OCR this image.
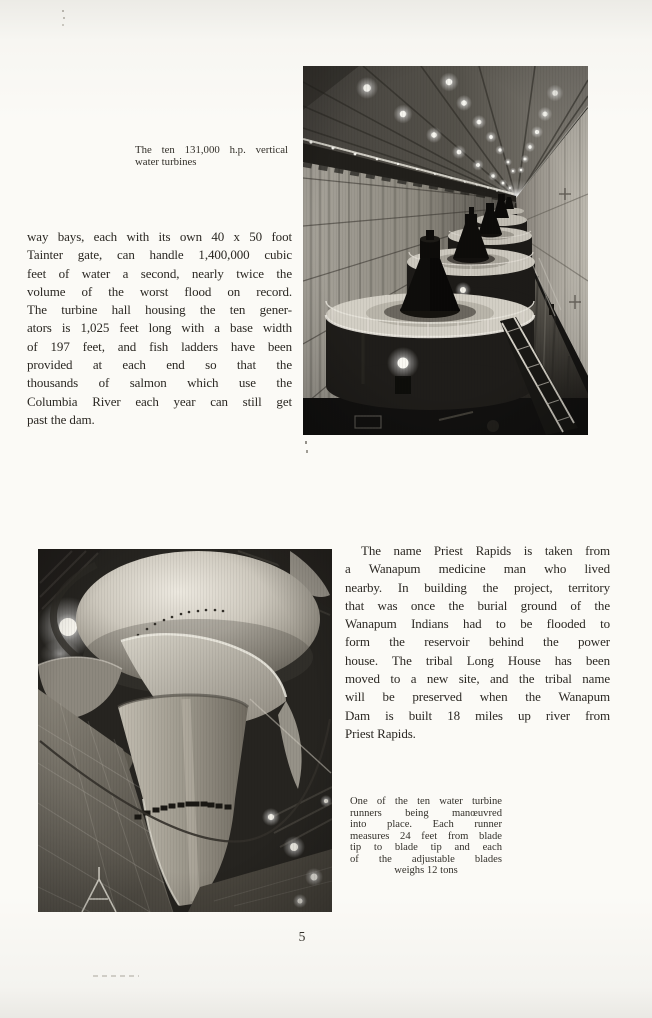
The ten 131,000 h.p. vertical
water turbines
way bays, each with its own 40 x 50 foot
Tainter gate, can handle 1,400,000 cubic
feet of water a second, nearly twice the
volume of the worst flood on record.
The turbine hall housing the ten gener-
ators is 1,025 feet long with a base width
of 197 feet, and fish ladders have been
provided at each end so that the
thousands of salmon which use the
Columbia River each year can still get
past the dam.
The name Priest Rapids is taken from
a Wanapum medicine man who lived
nearby. In building the project, territory
that was once the burial ground of the
Wanapum Indians had to be flooded to
form the reservoir behind the power
house. The tribal Long House has been
moved to a new site, and the tribal name
will be preserved when the Wanapum
Dam is built 18 miles up river from
Priest Rapids.
One of the ten water turbine
runners being manœuvred
into place. Each runner
measures 24 feet from blade
tip to blade tip and each
of the adjustable blades
weighs 12 tons
5
